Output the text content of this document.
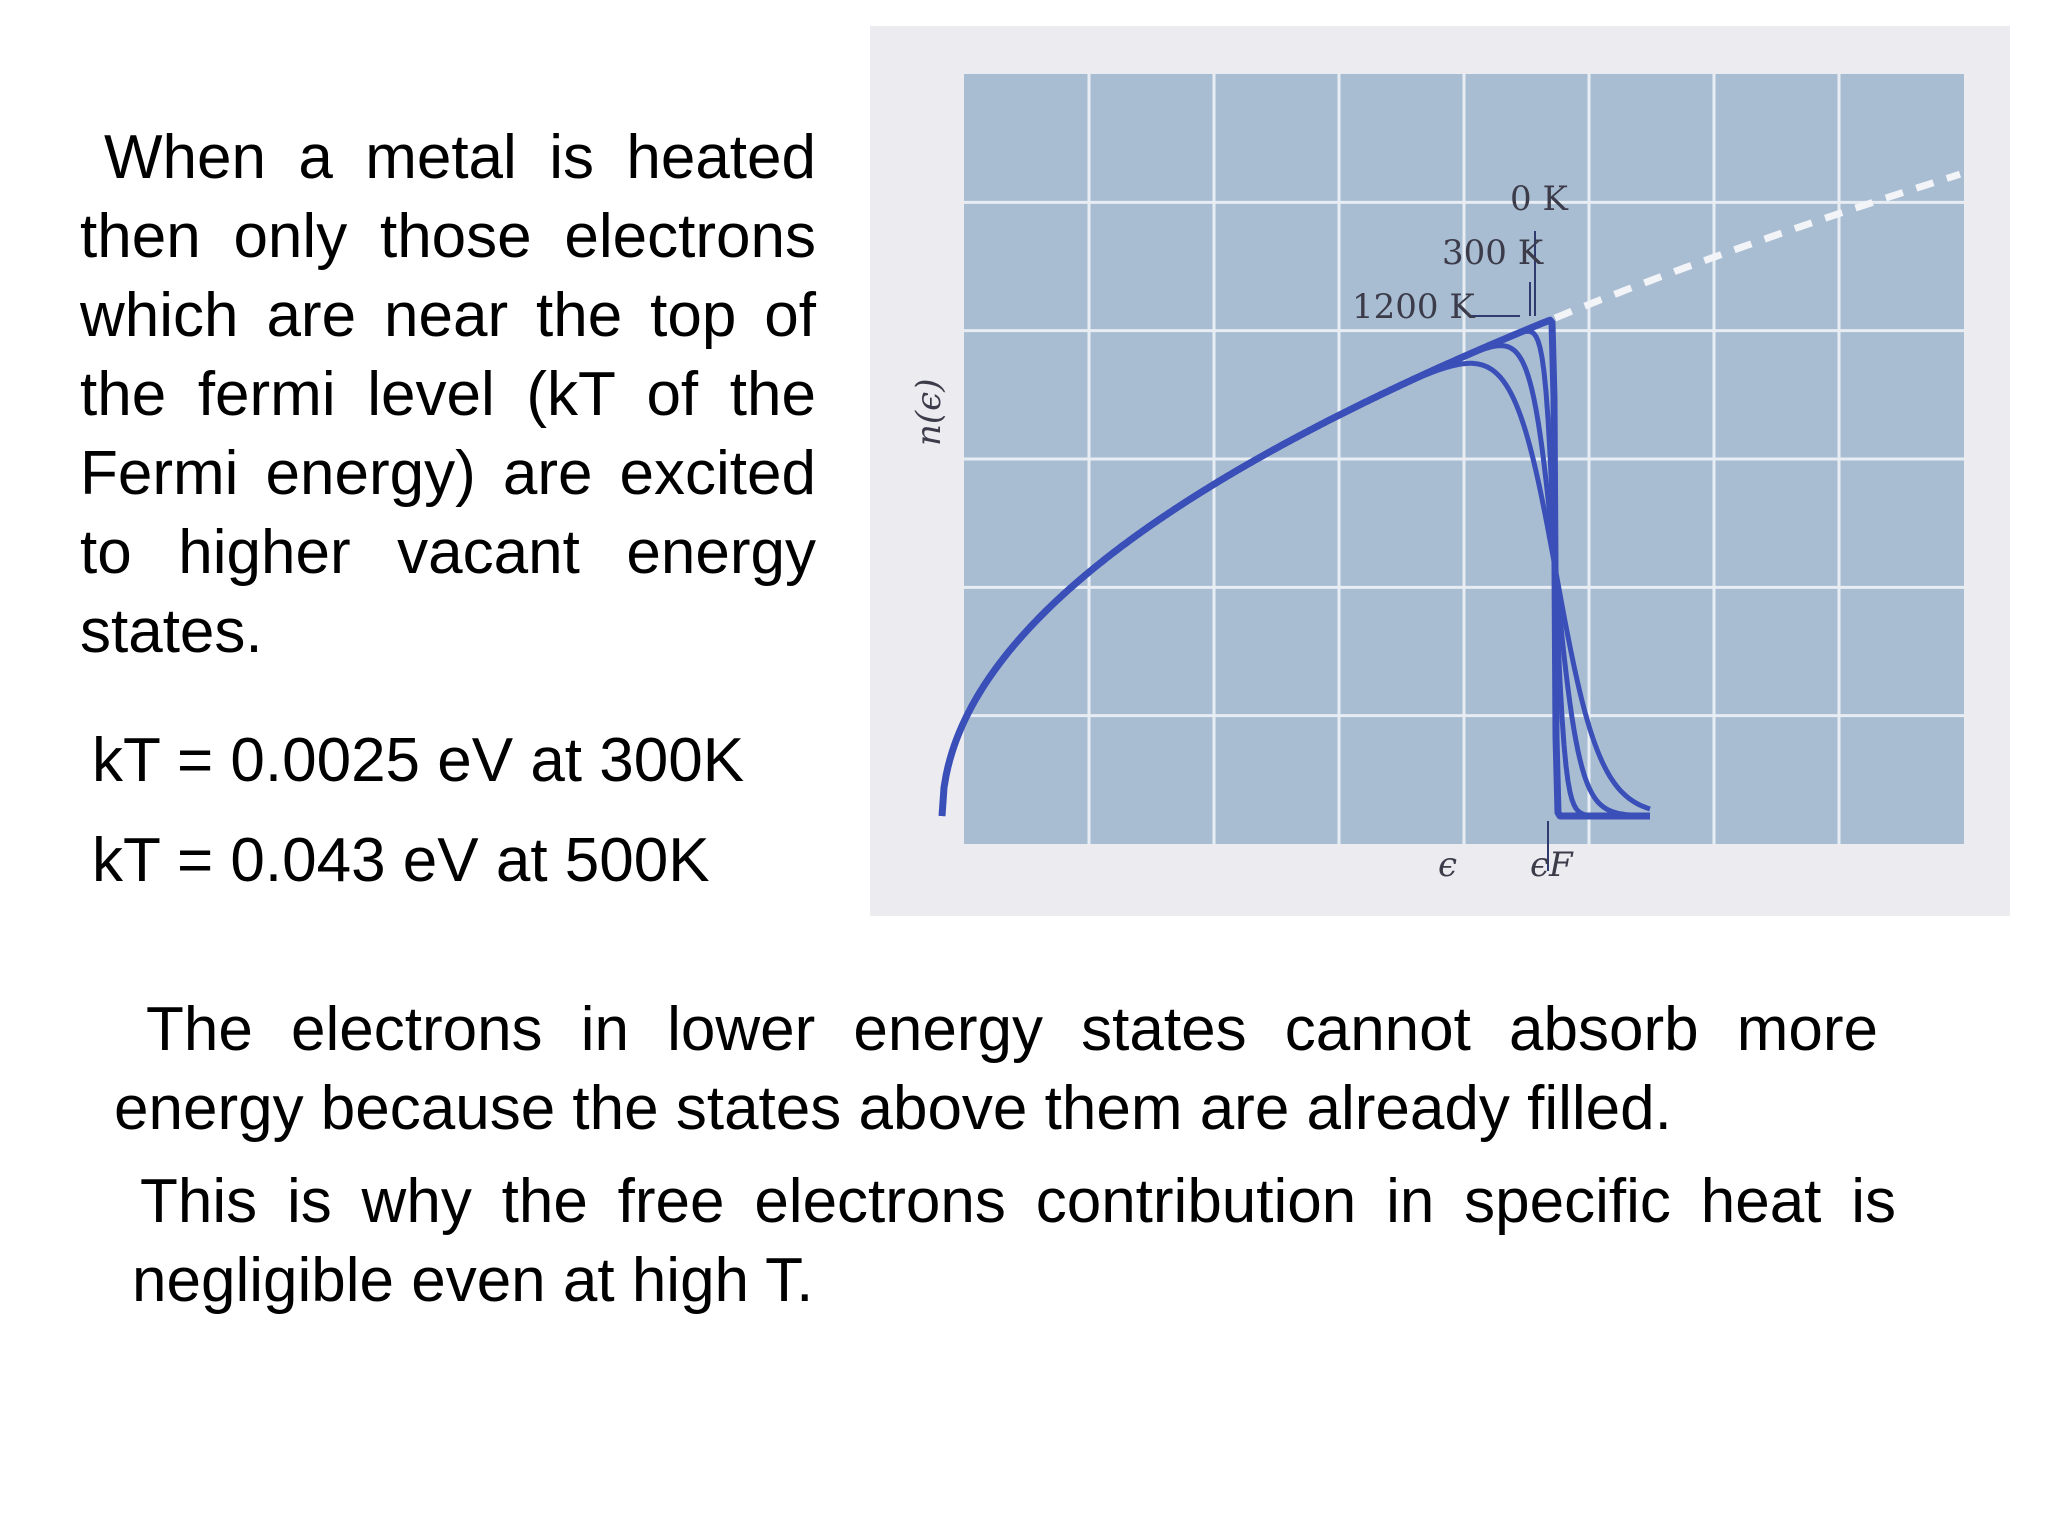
When a metal is heated then only those electrons which are near the top of the fermi level (kT of the Fermi energy) are excited to higher vacant energy states.
kT = 0.0025 eV at 300K
kT = 0.043 eV at 500K
0 K
300 K
1200 K
n(ϵ)
ϵ ϵF
The electrons in lower energy states cannot absorb more energy because the states above them are already filled.
This is why the free electrons contribution in specific heat is negligible even at high T.
